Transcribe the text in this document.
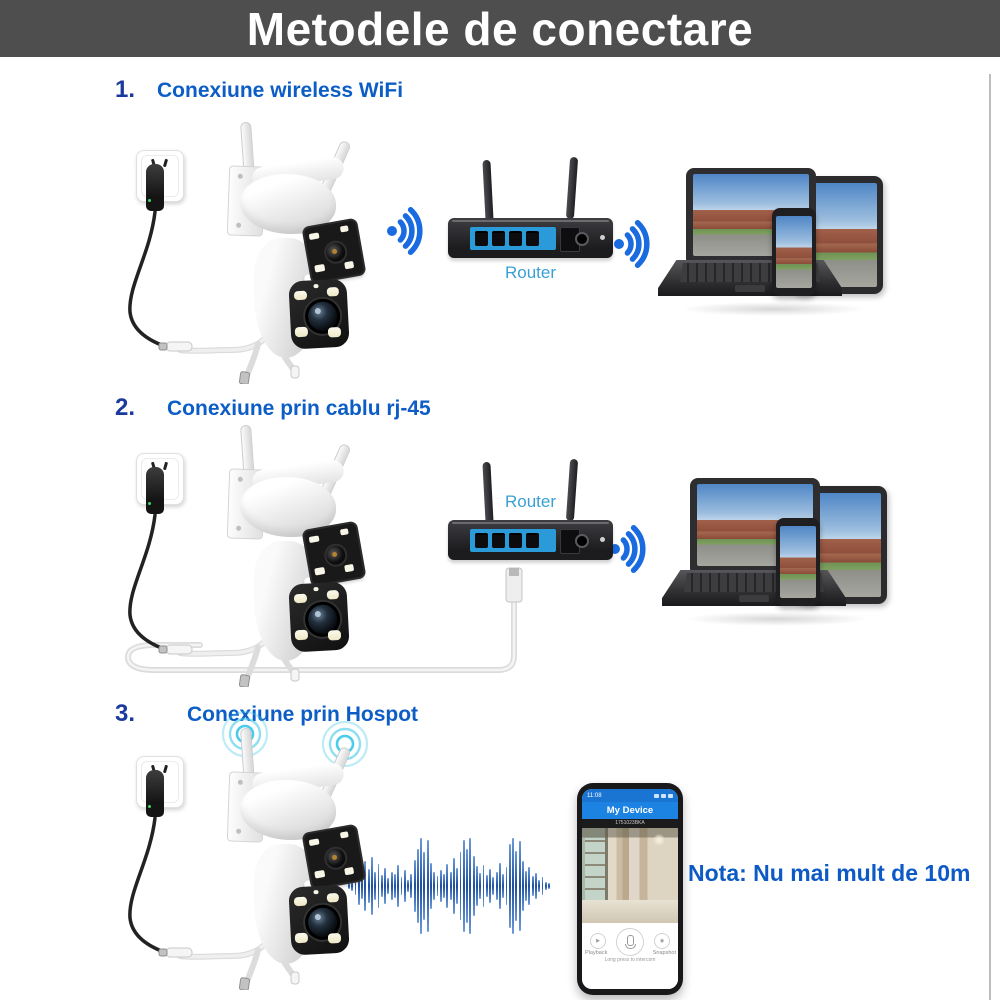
Metodele de conectare
1. Conexiune wireless WiFi
2. Conexiune prin cablu rj-45
3. Conexiune prin Hospot
Router
Router
11:08
My Device
1751023BKA
▶	◉
Playback	Snapshot
Long press to intercom
Nota: Nu mai mult de 10m
